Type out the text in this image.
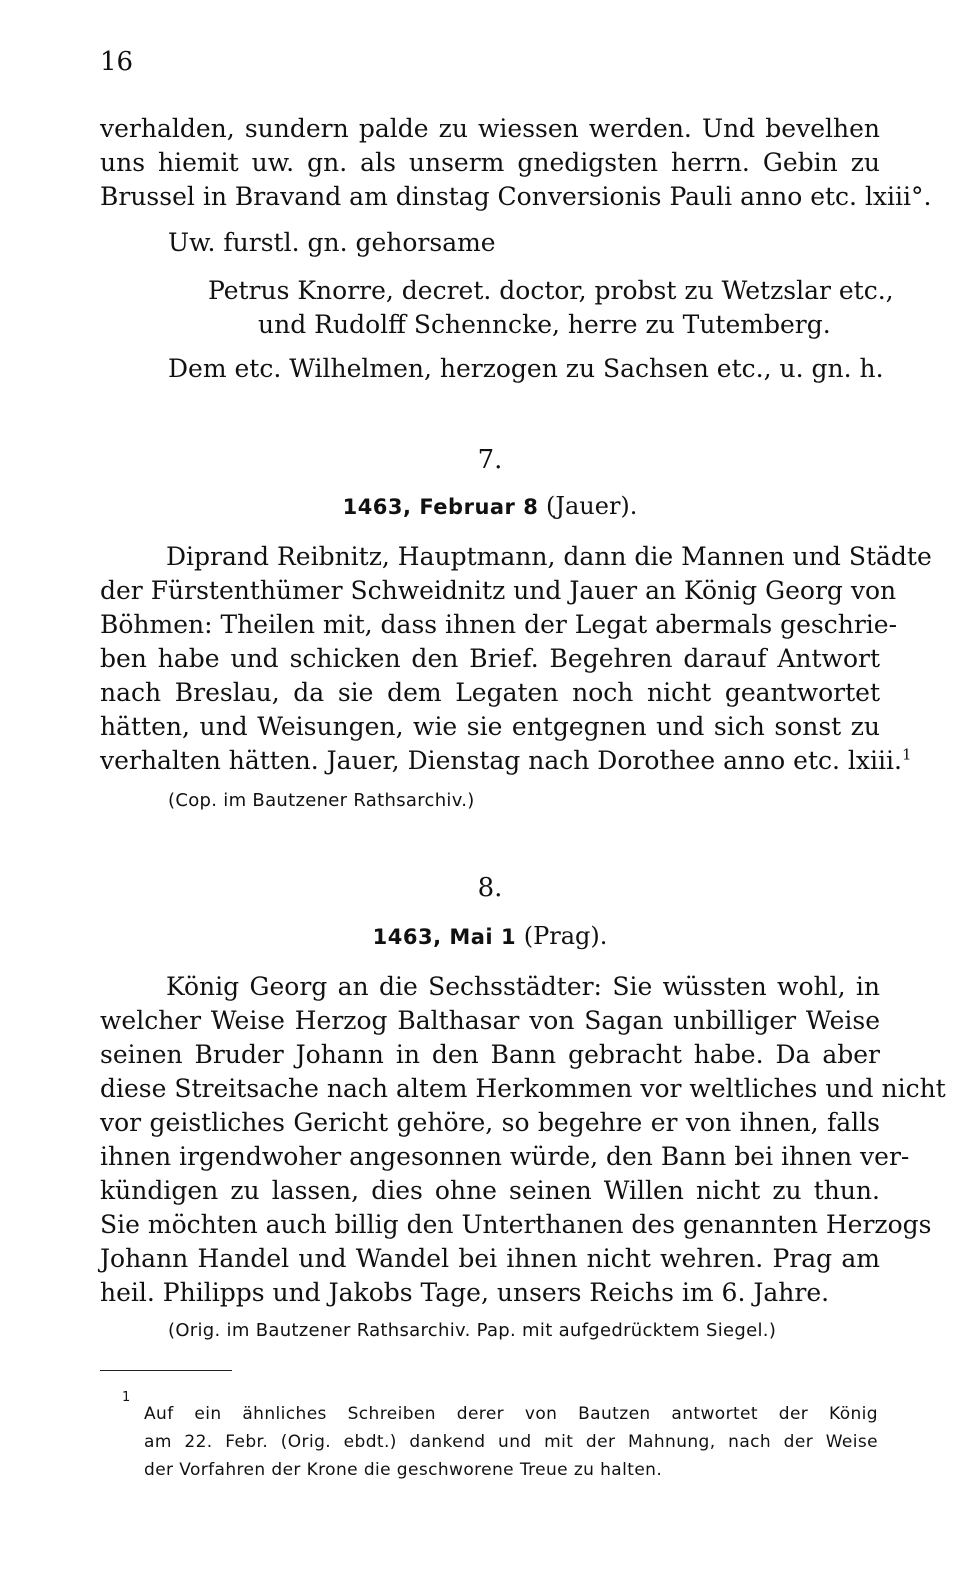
16

verhalden, sundern palde zu wiessen werden. Und bevelhen
uns hiemit uw. gn. als unserm gnedigsten herrn. Gebin zu
Brussel in Bravand am dinstag Conversionis Pauli anno etc. lxiii°.

Uw. furstl. gn. gehorsame
Petrus Knorre, decret. doctor, probst zu Wetzslar etc.,
und Rudolff Schenncke, herre zu Tutemberg.
Dem etc. Wilhelmen, herzogen zu Sachsen etc., u. gn. h.
7.
1463, Februar 8 (Jauer).

Diprand Reibnitz, Hauptmann, dann die Mannen und Städte
der Fürstenthümer Schweidnitz und Jauer an König Georg von
Böhmen: Theilen mit, dass ihnen der Legat abermals geschrie-
ben habe und schicken den Brief. Begehren darauf Antwort
nach Breslau, da sie dem Legaten noch nicht geantwortet
hätten, und Weisungen, wie sie entgegnen und sich sonst zu
verhalten hätten. Jauer, Dienstag nach Dorothee anno etc. lxiii.$^1$

(Cop. im Bautzener Rathsarchiv.)
8.
1463, Mai 1 (Prag).

König Georg an die Sechsstädter: Sie wüssten wohl, in
welcher Weise Herzog Balthasar von Sagan unbilliger Weise
seinen Bruder Johann in den Bann gebracht habe. Da aber
diese Streitsache nach altem Herkommen vor weltliches und nicht
vor geistliches Gericht gehöre, so begehre er von ihnen, falls
ihnen irgendwoher angesonnen würde, den Bann bei ihnen ver-
kündigen zu lassen, dies ohne seinen Willen nicht zu thun.
Sie möchten auch billig den Unterthanen des genannten Herzogs
Johann Handel und Wandel bei ihnen nicht wehren. Prag am
heil. Philipps und Jakobs Tage, unsers Reichs im 6. Jahre.

(Orig. im Bautzener Rathsarchiv. Pap. mit aufgedrücktem Siegel.)
1
Auf ein ähnliches Schreiben derer von Bautzen antwortet der König
am 22. Febr. (Orig. ebdt.) dankend und mit der Mahnung, nach der Weise
der Vorfahren der Krone die geschworene Treue zu halten.
